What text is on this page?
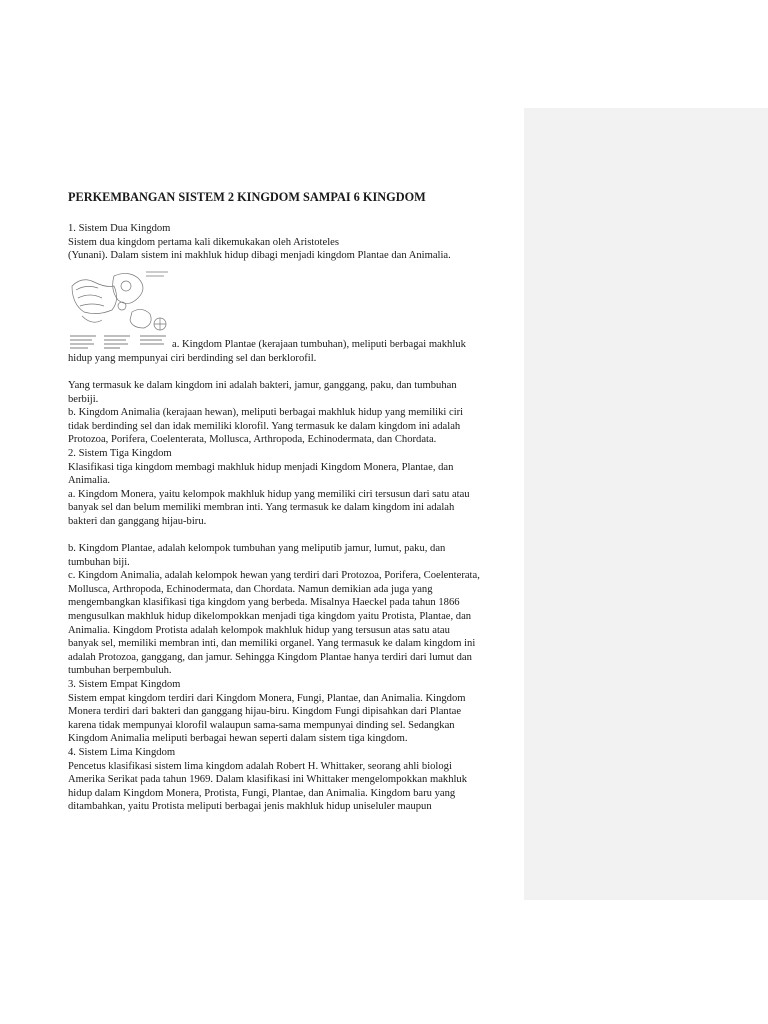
PERKEMBANGAN SISTEM 2 KINGDOM SAMPAI 6 KINGDOM

1. Sistem Dua Kingdom

Sistem dua kingdom pertama kali dikemukakan oleh Aristoteles

(Yunani). Dalam sistem ini makhluk hidup dibagi menjadi kingdom Plantae dan Animalia.

a. Kingdom Plantae (kerajaan tumbuhan), meliputi berbagai makhluk

hidup yang mempunyai ciri berdinding sel dan berklorofil.

Yang termasuk ke dalam kingdom ini adalah bakteri, jamur, ganggang, paku, dan tumbuhan

berbiji.

b. Kingdom Animalia (kerajaan hewan), meliputi berbagai makhluk hidup yang memiliki ciri

tidak berdinding sel dan idak memiliki klorofil. Yang termasuk ke dalam kingdom ini adalah

Protozoa, Porifera, Coelenterata, Mollusca, Arthropoda, Echinodermata, dan Chordata.

2. Sistem Tiga Kingdom

Klasifikasi tiga kingdom membagi makhluk hidup menjadi Kingdom Monera, Plantae, dan

Animalia.

a. Kingdom Monera, yaitu kelompok makhluk hidup yang memiliki ciri tersusun dari satu atau

banyak sel dan belum memiliki membran inti. Yang termasuk ke dalam kingdom ini adalah

bakteri dan ganggang hijau-biru.

b. Kingdom Plantae, adalah kelompok tumbuhan yang meliputib jamur, lumut, paku, dan

tumbuhan biji.

c. Kingdom Animalia, adalah kelompok hewan yang terdiri dari Protozoa, Porifera, Coelenterata,

Mollusca, Arthropoda, Echinodermata, dan Chordata. Namun demikian ada juga yang

mengembangkan klasifikasi tiga kingdom yang berbeda. Misalnya Haeckel pada tahun 1866

mengusulkan makhluk hidup dikelompokkan menjadi tiga kingdom yaitu Protista, Plantae, dan

Animalia. Kingdom Protista adalah kelompok makhluk hidup yang tersusun atas satu atau

banyak sel, memiliki membran inti, dan memiliki organel. Yang termasuk ke dalam kingdom ini

adalah Protozoa, ganggang, dan jamur. Sehingga Kingdom Plantae hanya terdiri dari lumut dan

tumbuhan berpembuluh.

3. Sistem Empat Kingdom

Sistem empat kingdom terdiri dari Kingdom Monera, Fungi, Plantae, dan Animalia. Kingdom

Monera terdiri dari bakteri dan ganggang hijau-biru. Kingdom Fungi dipisahkan dari Plantae

karena tidak mempunyai klorofil walaupun sama-sama mempunyai dinding sel. Sedangkan

Kingdom Animalia meliputi berbagai hewan seperti dalam sistem tiga kingdom.

4. Sistem Lima Kingdom

Pencetus klasifikasi sistem lima kingdom adalah Robert H. Whittaker, seorang ahli biologi

Amerika Serikat pada tahun 1969. Dalam klasifikasi ini Whittaker mengelompokkan makhluk

hidup dalam Kingdom Monera, Protista, Fungi, Plantae, dan Animalia. Kingdom baru yang

ditambahkan, yaitu Protista meliputi berbagai jenis makhluk hidup uniseluler maupun
